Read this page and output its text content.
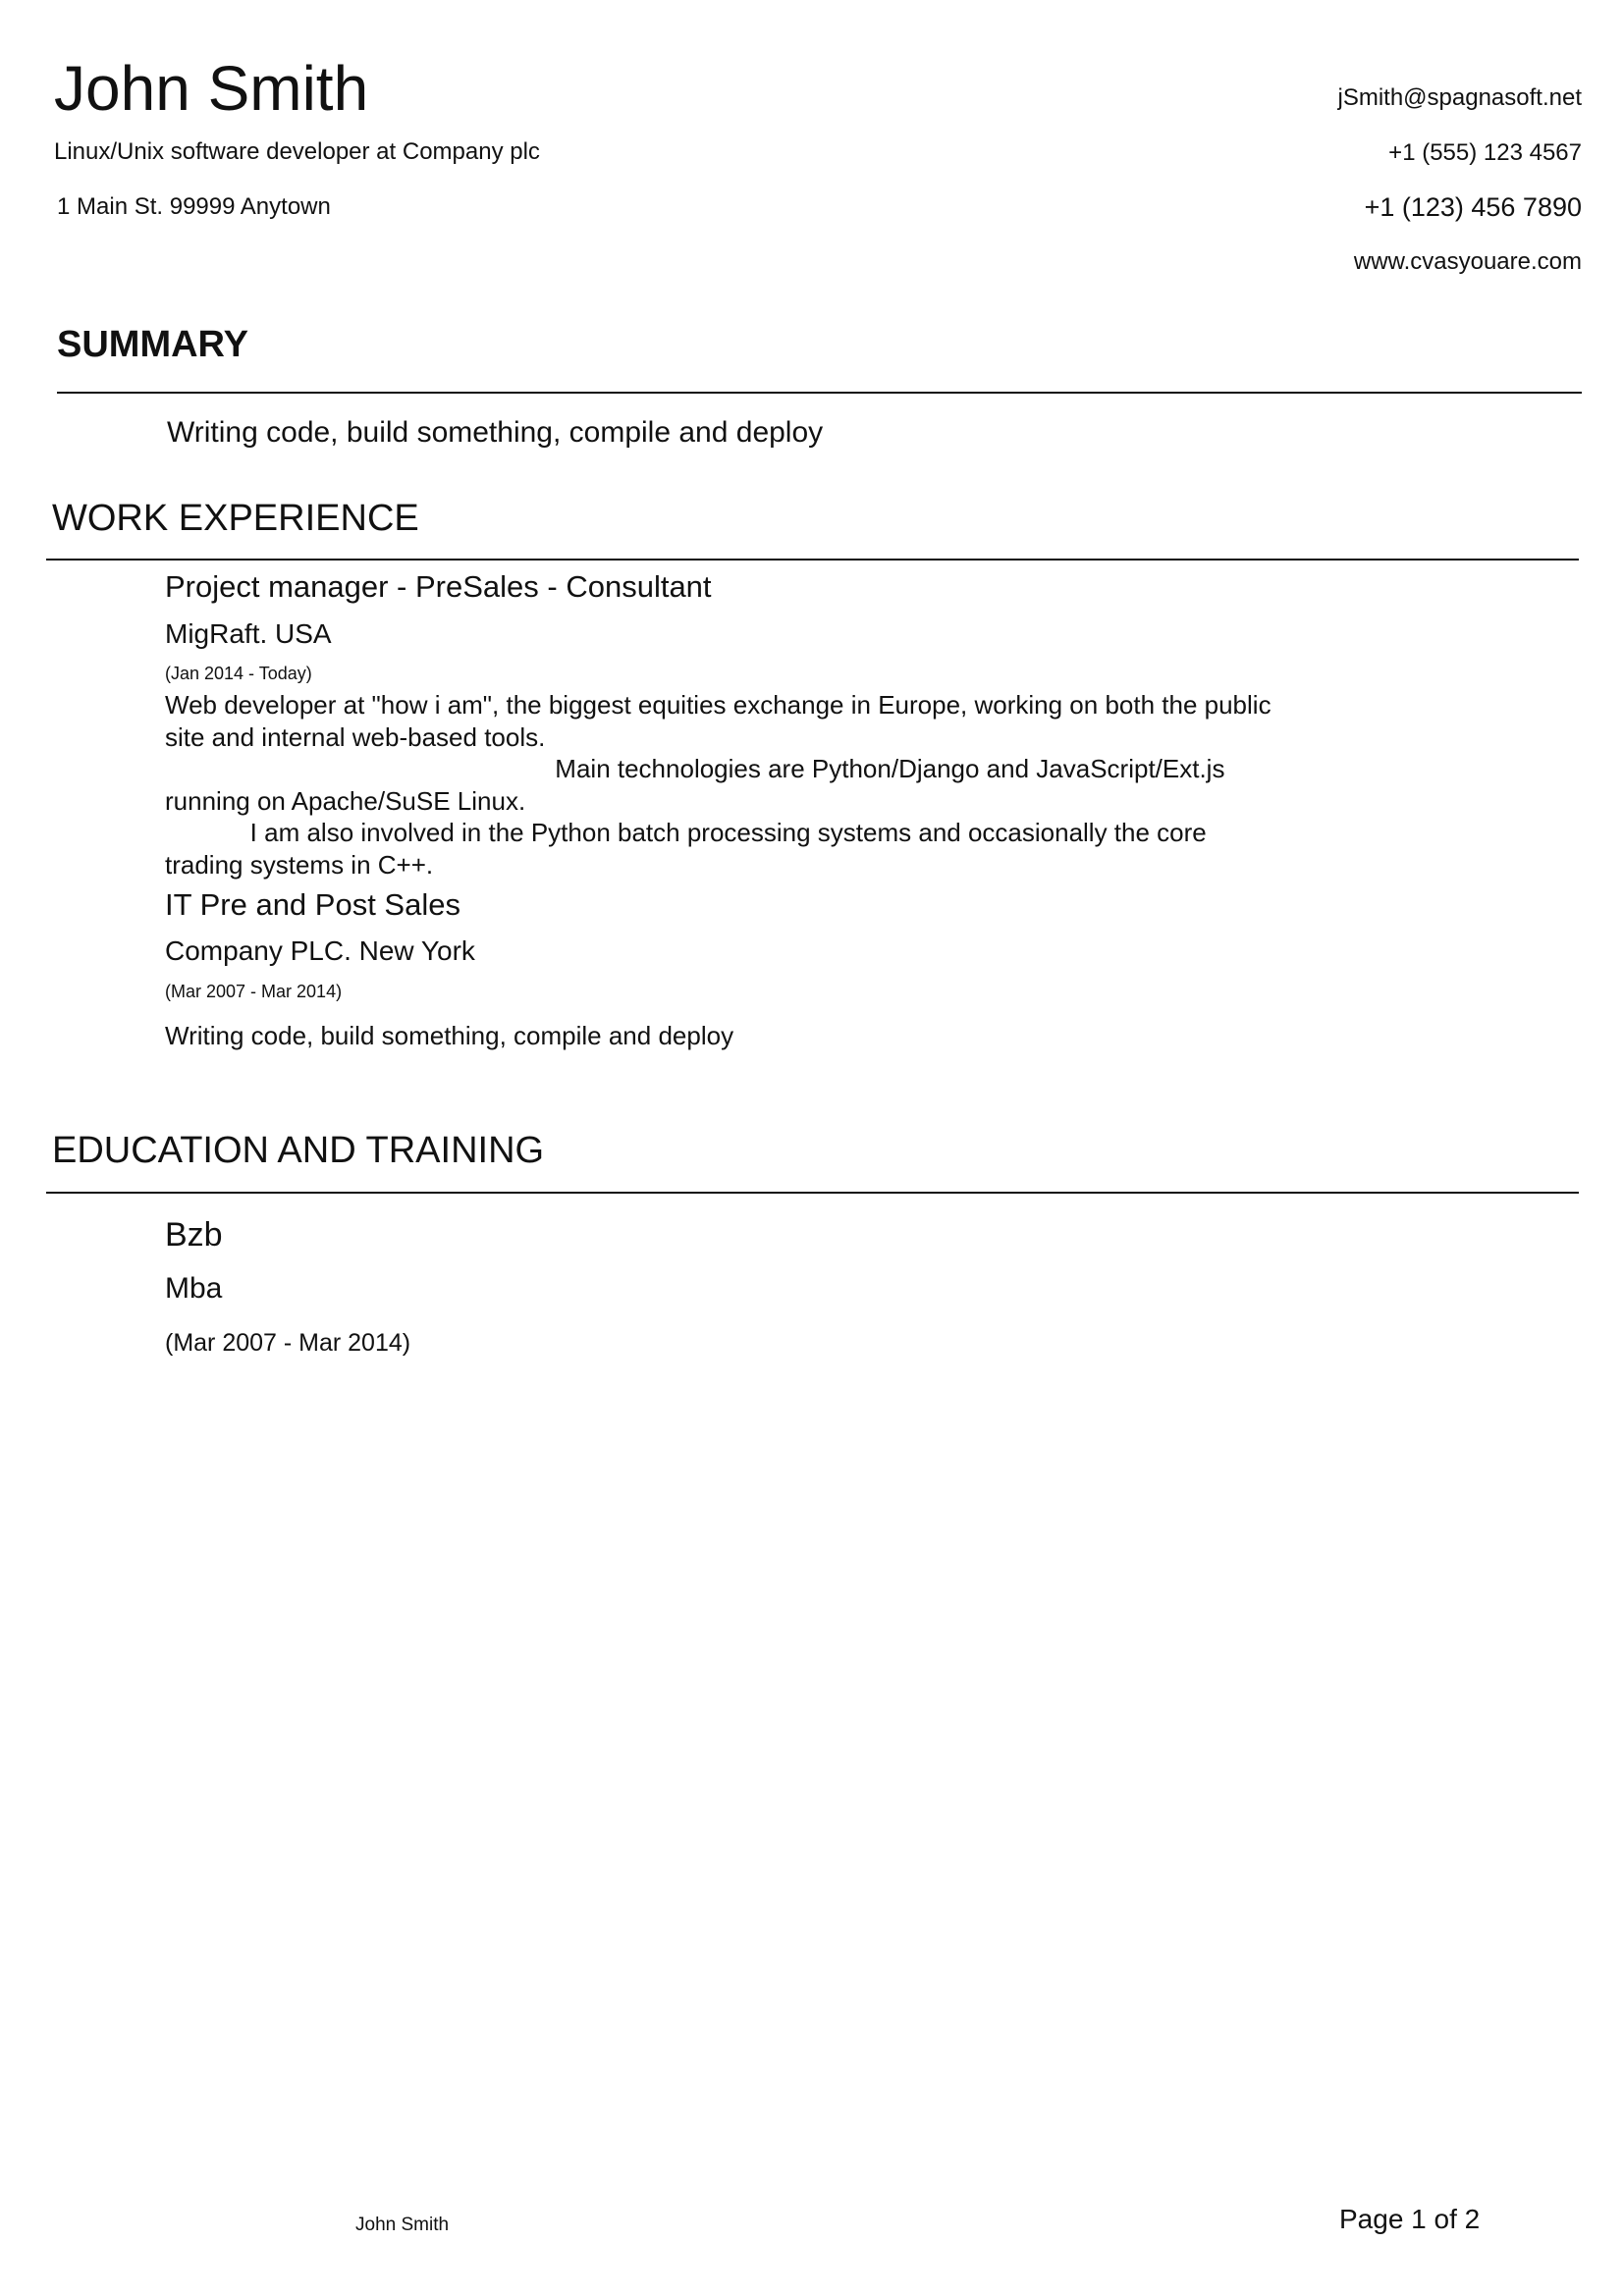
John Smith
Linux/Unix software developer at Company plc
1 Main St. 99999 Anytown
jSmith@spagnasoft.net
+1 (555) 123 4567
+1 (123) 456 7890
www.cvasyouare.com
SUMMARY
Writing code, build something, compile and deploy
WORK EXPERIENCE
Project manager - PreSales - Consultant
MigRaft. USA
(Jan 2014 - Today)
Web developer at "how i am", the biggest equities exchange in Europe, working on both the public
site and internal web-based tools.
Main technologies are Python/Django and JavaScript/Ext.js
running on Apache/SuSE Linux.
I am also involved in the Python batch processing systems and occasionally the core
trading systems in C++.
IT Pre and Post Sales
Company PLC. New York
(Mar 2007 - Mar 2014)
Writing code, build something, compile and deploy
EDUCATION AND TRAINING
Bzb
Mba
(Mar 2007 - Mar 2014)
John Smith	Page 1 of 2
